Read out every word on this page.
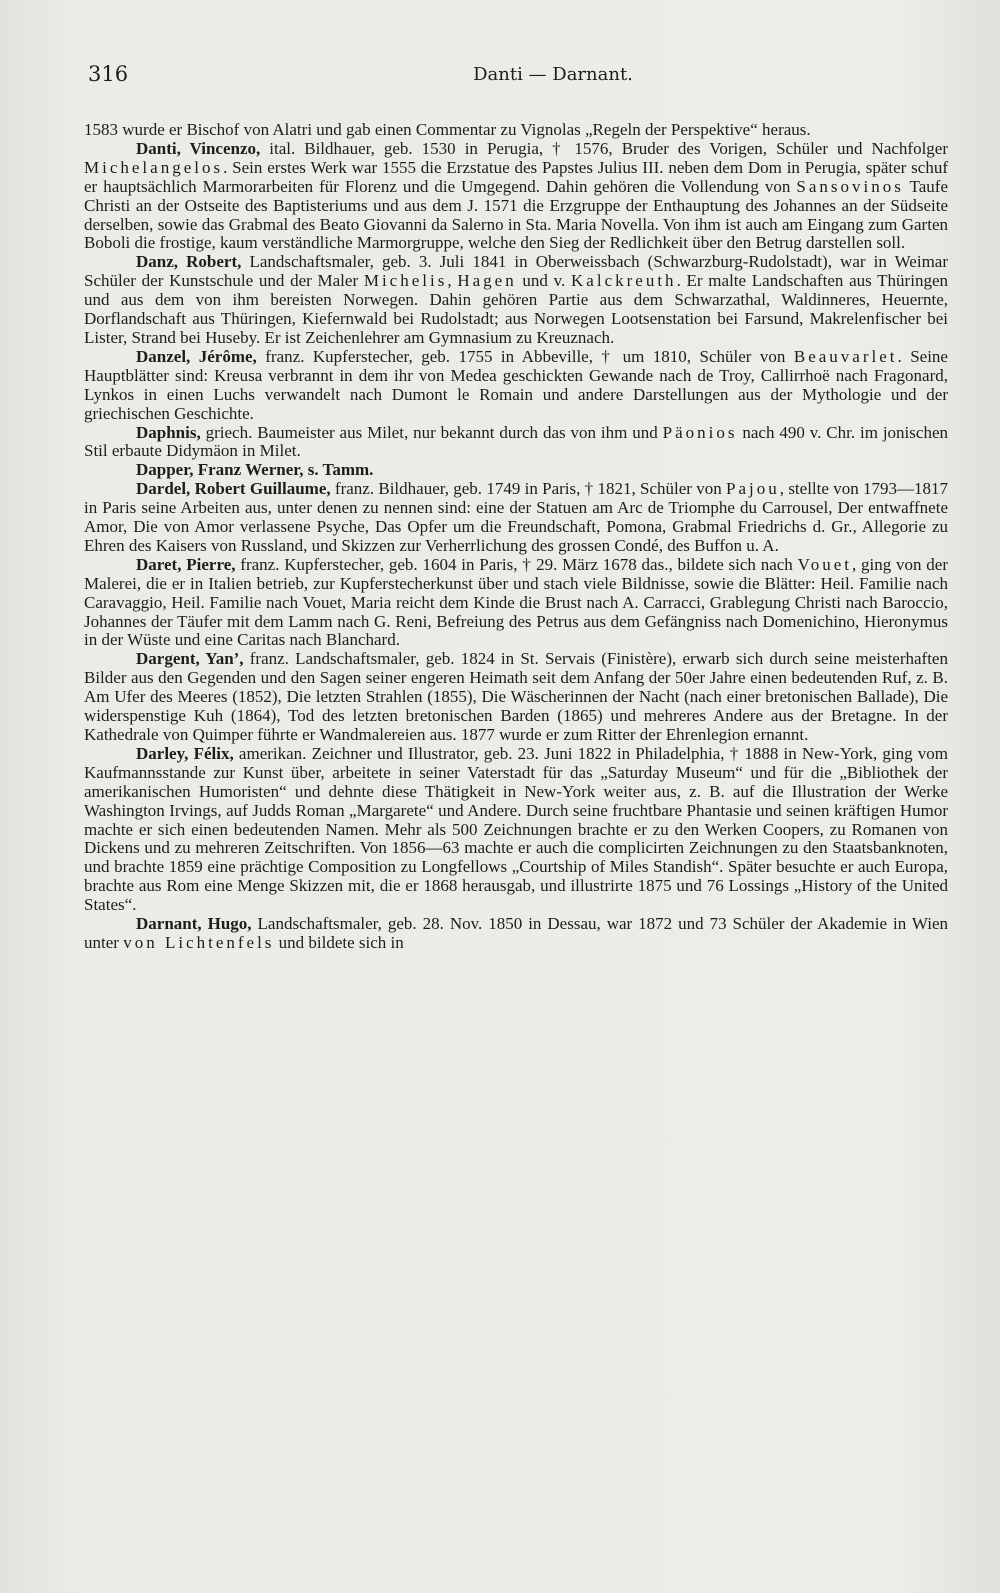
316	Danti — Darnant.

1583 wurde er Bischof von Alatri und gab einen Commentar zu Vignolas „Regeln der Perspektive“ heraus.

Danti, Vincenzo, ital. Bildhauer, geb. 1530 in Perugia, † 1576, Bruder des Vorigen, Schüler und Nachfolger Michelangelos. Sein erstes Werk war 1555 die Erzstatue des Papstes Julius III. neben dem Dom in Perugia, später schuf er hauptsächlich Marmorarbeiten für Florenz und die Umgegend. Dahin gehören die Vollendung von Sansovinos Taufe Christi an der Ostseite des Baptisteriums und aus dem J. 1571 die Erzgruppe der Enthauptung des Johannes an der Südseite derselben, sowie das Grabmal des Beato Giovanni da Salerno in Sta. Maria Novella. Von ihm ist auch am Eingang zum Garten Boboli die frostige, kaum verständliche Marmorgruppe, welche den Sieg der Redlichkeit über den Betrug darstellen soll.

Danz, Robert, Landschaftsmaler, geb. 3. Juli 1841 in Oberweissbach (Schwarzburg-Rudolstadt), war in Weimar Schüler der Kunstschule und der Maler Michelis, Hagen und v. Kalckreuth. Er malte Landschaften aus Thüringen und aus dem von ihm bereisten Norwegen. Dahin gehören Partie aus dem Schwarzathal, Waldinneres, Heuernte, Dorflandschaft aus Thüringen, Kiefernwald bei Rudolstadt; aus Norwegen Lootsenstation bei Farsund, Makrelenfischer bei Lister, Strand bei Huseby. Er ist Zeichenlehrer am Gymnasium zu Kreuznach.

Danzel, Jérôme, franz. Kupferstecher, geb. 1755 in Abbeville, † um 1810, Schüler von Beauvarlet. Seine Hauptblätter sind: Kreusa verbrannt in dem ihr von Medea geschickten Gewande nach de Troy, Callirrhoë nach Fragonard, Lynkos in einen Luchs verwandelt nach Dumont le Romain und andere Darstellungen aus der Mythologie und der griechischen Geschichte.

Daphnis, griech. Baumeister aus Milet, nur bekannt durch das von ihm und Päonios nach 490 v. Chr. im jonischen Stil erbaute Didymäon in Milet.

Dapper, Franz Werner, s. Tamm.

Dardel, Robert Guillaume, franz. Bildhauer, geb. 1749 in Paris, † 1821, Schüler von Pajou, stellte von 1793—1817 in Paris seine Arbeiten aus, unter denen zu nennen sind: eine der Statuen am Arc de Triomphe du Carrousel, Der entwaffnete Amor, Die von Amor verlassene Psyche, Das Opfer um die Freundschaft, Pomona, Grabmal Friedrichs d. Gr., Allegorie zu Ehren des Kaisers von Russland, und Skizzen zur Verherrlichung des grossen Condé, des Buffon u. A.

Daret, Pierre, franz. Kupferstecher, geb. 1604 in Paris, † 29. März 1678 das., bildete sich nach Vouet, ging von der Malerei, die er in Italien betrieb, zur Kupferstecherkunst über und stach viele Bildnisse, sowie die Blätter: Heil. Familie nach Caravaggio, Heil. Familie nach Vouet, Maria reicht dem Kinde die Brust nach A. Carracci, Grablegung Christi nach Baroccio, Johannes der Täufer mit dem Lamm nach G. Reni, Befreiung des Petrus aus dem Gefängniss nach Domenichino, Hieronymus in der Wüste und eine Caritas nach Blanchard.

Dargent, Yan’, franz. Landschaftsmaler, geb. 1824 in St. Servais (Finistère), erwarb sich durch seine meisterhaften Bilder aus den Gegenden und den Sagen seiner engeren Heimath seit dem Anfang der 50er Jahre einen bedeutenden Ruf, z. B. Am Ufer des Meeres (1852), Die letzten Strahlen (1855), Die Wäscherinnen der Nacht (nach einer bretonischen Ballade), Die widerspenstige Kuh (1864), Tod des letzten bretonischen Barden (1865) und mehreres Andere aus der Bretagne. In der Kathedrale von Quimper führte er Wandmalereien aus. 1877 wurde er zum Ritter der Ehrenlegion ernannt.

Darley, Félix, amerikan. Zeichner und Illustrator, geb. 23. Juni 1822 in Philadelphia, † 1888 in New-York, ging vom Kaufmannsstande zur Kunst über, arbeitete in seiner Vaterstadt für das „Saturday Museum“ und für die „Bibliothek der amerikanischen Humoristen“ und dehnte diese Thätigkeit in New-York weiter aus, z. B. auf die Illustration der Werke Washington Irvings, auf Judds Roman „Margarete“ und Andere. Durch seine fruchtbare Phantasie und seinen kräftigen Humor machte er sich einen bedeutenden Namen. Mehr als 500 Zeichnungen brachte er zu den Werken Coopers, zu Romanen von Dickens und zu mehreren Zeitschriften. Von 1856—63 machte er auch die complicirten Zeichnungen zu den Staatsbanknoten, und brachte 1859 eine prächtige Composition zu Longfellows „Courtship of Miles Standish“. Später besuchte er auch Europa, brachte aus Rom eine Menge Skizzen mit, die er 1868 herausgab, und illustrirte 1875 und 76 Lossings „History of the United States“.

Darnant, Hugo, Landschaftsmaler, geb. 28. Nov. 1850 in Dessau, war 1872 und 73 Schüler der Akademie in Wien unter von Lichtenfels und bildete sich in
